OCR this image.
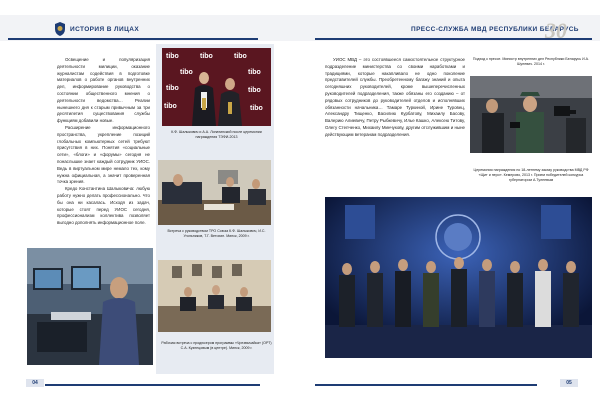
ИСТОРИЯ В ЛИЦАХ	ПРЕСС-СЛУЖБА МВД РЕСПУБЛИКИ БЕЛАРУСЬ
30

Освещение и популяризация деятельности милиции, оказание журналистам содействия в подготовке материалов о работе органов внутренних дел, информирование руководства о состоянии общественного мнения о деятельности ведомства… Реалии нынешнего дня к старым привычным за три десятилетия существования службы функциям добавили новые.

Расширение информационного пространства, укрепление позиций глобальных компьютерных сетей требуют присутствия в них. Понятия «социальные сети», «блоги» и «форумы» сегодня не понаслышке знает каждый сотрудник УИОС. Ведь в виртуальном мире немало тех, кому нужна официальная, а значит проверенная точка зрения.

Кредо Константина Шалыковича: любую работу нужно делать профессионально. Что бы она ни касалась. Исходя из задач, которые стоят перед УИОС сегодня, профессионализм коллектива позволяет выгодно дополнять информационное поле.

tibo	tibo	tibo
tibo	tibo
tibo	tibo
tibo	tibo
К.Ф. Шалыкович и А.А. Лопатинский после церемонии награждения ТЭФИ-2013
Встреча с руководством ТРО Союза К.Ф. Шалыкович, И.С. Угольников, Т.Г. Ветохин. Минск, 2009 г.
Рабочая встреча с продюсером программы «Чрезвычайка» (ОРТ) С.А. Кузнецовым (в центре). Минск, 2009 г.

УИОС МВД – это состоявшееся самостоятельное структурное подразделение министерства со своими наработками и традициями, которые накапливало не одно поколение представителей службы. Преобретенному багажу знаний и опыта сегодняшних руководителей, кроме вышеперечисленных руководителей подразделения, также обязаны его созданию – от рядовых сотрудников до руководителей отделов и исполнявших обязанности начальника… Тамаре Туркиной, Ирине Туровец, Александру Тищенко, Василию Курбатову, Михаилу Басову, Валерию Алиевичу, Петру Рыбкевичу, Илье Кашко, Алексею Титову, Олегу Степченко, Михаилу Минчукову, другим отслужившим и ныне действующим ветеранам подразделения.

Подход к прессе. Министр внутренних дел Республики Беларусь И.А. Шуневич. 2014 г.
Церемония награждения по 18-летнему заказу руководства МВД РФ «Щит и перо». Кемерово, 2013 г. Прием победителей конкурса губернатором А.Тулеевым
04	05
